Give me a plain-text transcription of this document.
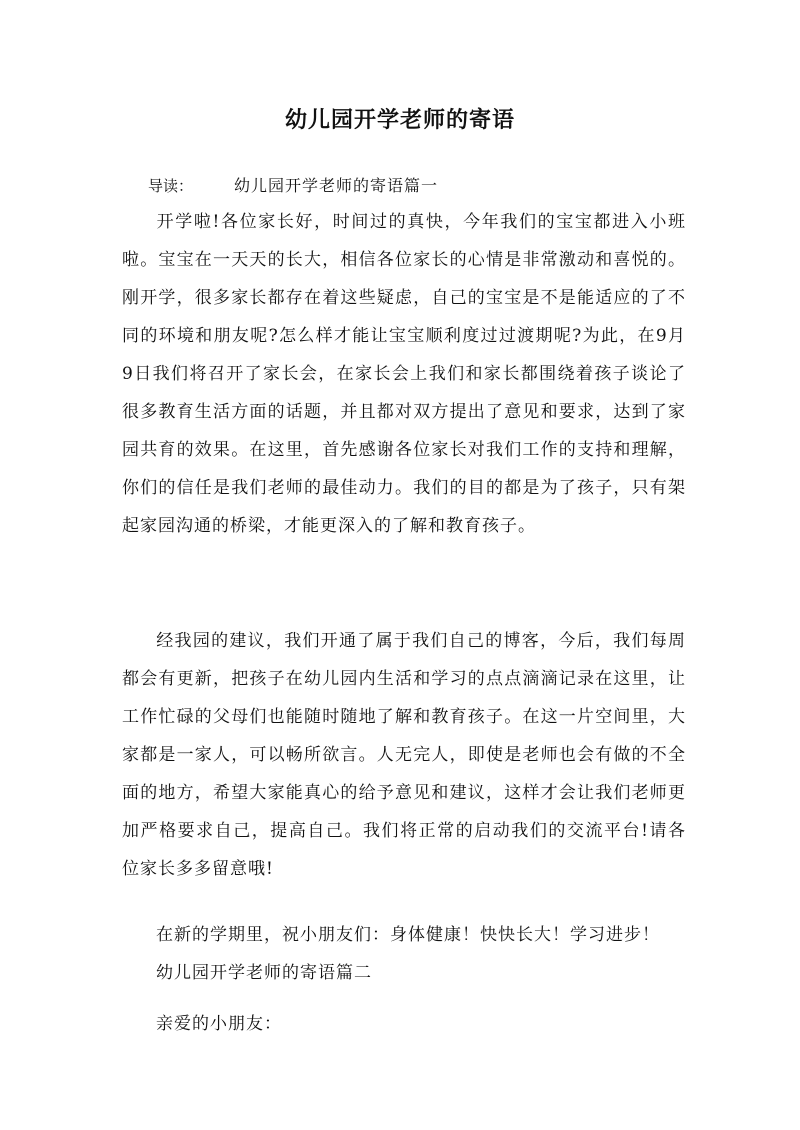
幼儿园开学老师的寄语
导读：	幼儿园开学老师的寄语篇一

开学啦!各位家长好，时间过的真快，今年我们的宝宝都进入小班啦。宝宝在一天天的长大，相信各位家长的心情是非常激动和喜悦的。刚开学，很多家长都存在着这些疑虑，自己的宝宝是不是能适应的了不同的环境和朋友呢?怎么样才能让宝宝顺利度过过渡期呢?为此，在9月9日我们将召开了家长会，在家长会上我们和家长都围绕着孩子谈论了很多教育生活方面的话题，并且都对双方提出了意见和要求，达到了家园共育的效果。在这里，首先感谢各位家长对我们工作的支持和理解，你们的信任是我们老师的最佳动力。我们的目的都是为了孩子，只有架起家园沟通的桥梁，才能更深入的了解和教育孩子。

经我园的建议，我们开通了属于我们自己的博客，今后，我们每周都会有更新，把孩子在幼儿园内生活和学习的点点滴滴记录在这里，让工作忙碌的父母们也能随时随地了解和教育孩子。在这一片空间里，大家都是一家人，可以畅所欲言。人无完人，即使是老师也会有做的不全面的地方，希望大家能真心的给予意见和建议，这样才会让我们老师更加严格要求自己，提高自己。我们将正常的启动我们的交流平台!请各位家长多多留意哦!

在新的学期里，祝小朋友们：身体健康！快快长大！学习进步！
幼儿园开学老师的寄语篇二
亲爱的小朋友：
